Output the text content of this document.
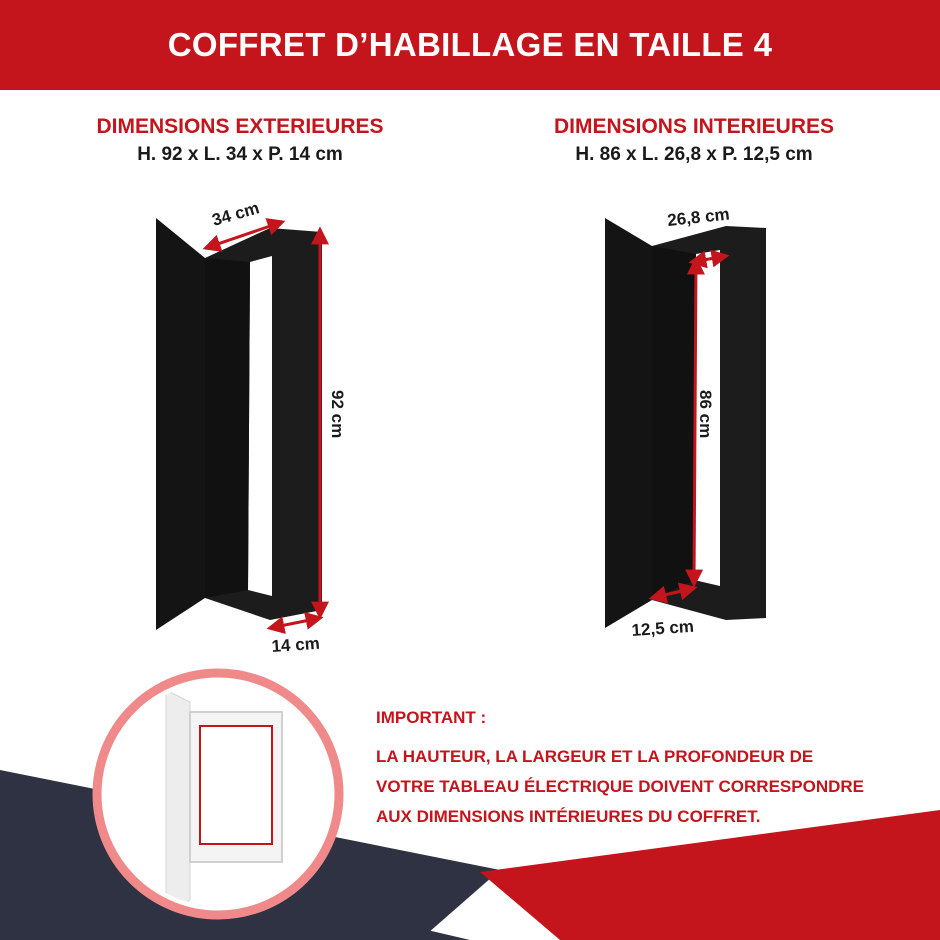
COFFRET D’HABILLAGE EN TAILLE 4
DIMENSIONS EXTERIEURES
H. 92 x L. 34 x P. 14 cm
DIMENSIONS INTERIEURES
H. 86 x L. 26,8 x P. 12,5 cm
34 cm
92 cm
14 cm
26,8 cm
86 cm
12,5 cm
IMPORTANT :
LA HAUTEUR, LA LARGEUR ET LA PROFONDEUR DE
VOTRE TABLEAU ÉLECTRIQUE DOIVENT CORRESPONDRE
AUX DIMENSIONS INTÉRIEURES DU COFFRET.
